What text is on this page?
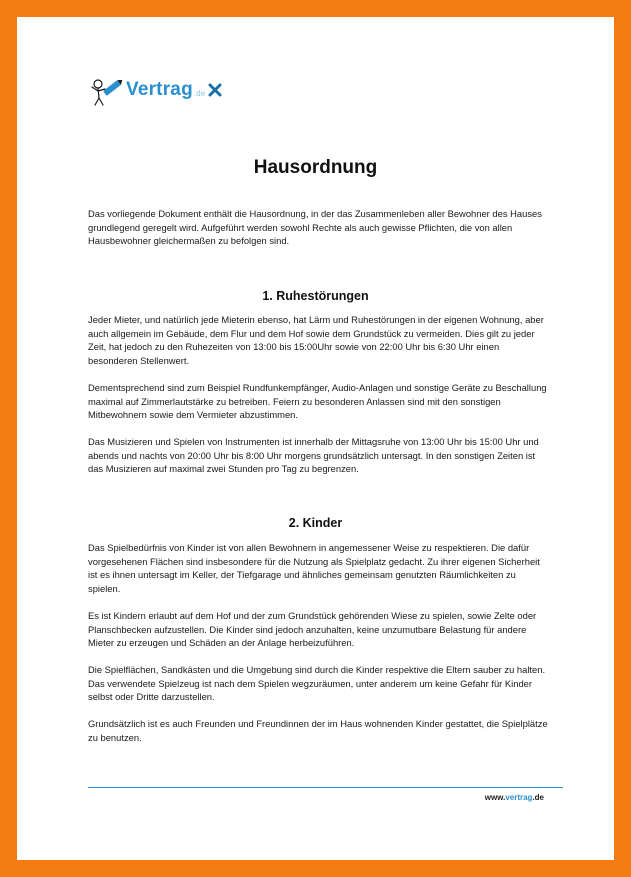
Vertrag .de
Hausordnung

Das vorliegende Dokument enthält die Hausordnung, in der das Zusammenleben aller Bewohner des Hauses grundlegend geregelt wird. Aufgeführt werden sowohl Rechte als auch gewisse Pflichten, die von allen Hausbewohner gleichermaßen zu befolgen sind.

1. Ruhestörungen

Jeder Mieter, und natürlich jede Mieterin ebenso, hat Lärm und Ruhestörungen in der eigenen Wohnung, aber auch allgemein im Gebäude, dem Flur und dem Hof sowie dem Grundstück zu vermeiden. Dies gilt zu jeder Zeit, hat jedoch zu den Ruhezeiten von 13:00 bis 15:00Uhr sowie von 22:00 Uhr bis 6:30 Uhr einen besonderen Stellenwert.

Dementsprechend sind zum Beispiel Rundfunkempfänger, Audio-Anlagen und sonstige Geräte zu Beschallung maximal auf Zimmerlautstärke zu betreiben. Feiern zu besonderen Anlassen sind mit den sonstigen Mitbewohnern sowie dem Vermieter abzustimmen.

Das Musizieren und Spielen von Instrumenten ist innerhalb der Mittagsruhe von 13:00 Uhr bis 15:00 Uhr und abends und nachts von 20:00 Uhr bis 8:00 Uhr morgens grundsätzlich untersagt. In den sonstigen Zeiten ist das Musizieren auf maximal zwei Stunden pro Tag zu begrenzen.

2. Kinder

Das Spielbedürfnis von Kinder ist von allen Bewohnern in angemessener Weise zu respektieren. Die dafür vorgesehenen Flächen sind insbesondere für die Nutzung als Spielplatz gedacht. Zu ihrer eigenen Sicherheit ist es ihnen untersagt im Keller, der Tiefgarage und ähnliches gemeinsam genutzten Räumlichkeiten zu spielen.

Es ist Kindern erlaubt auf dem Hof und der zum Grundstück gehörenden Wiese zu spielen, sowie Zelte oder Planschbecken aufzustellen. Die Kinder sind jedoch anzuhalten, keine unzumutbare Belastung für andere Mieter zu erzeugen und Schäden an der Anlage herbeizuführen.

Die Spielflächen, Sandkästen und die Umgebung sind durch die Kinder respektive die Eltern sauber zu halten. Das verwendete Spielzeug ist nach dem Spielen wegzuräumen, unter anderem um keine Gefahr für Kinder selbst oder Dritte darzustellen.

Grundsätzlich ist es auch Freunden und Freundinnen der im Haus wohnenden Kinder gestattet, die Spielplätze zu benutzen.

www.vertrag.de
